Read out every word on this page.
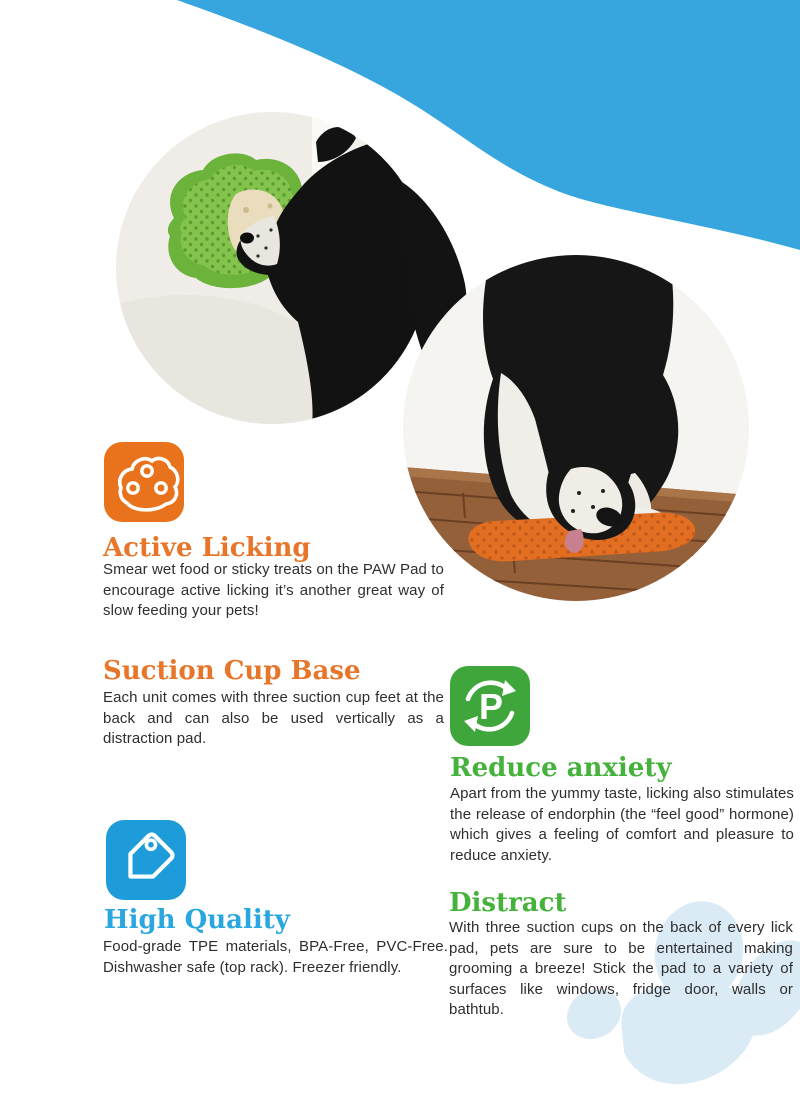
Active Licking

Smear wet food or sticky treats on the PAW Pad to encourage active licking it’s another great way of slow feeding your pets!

Suction Cup Base

Each unit comes with three suction cup feet at the back and can also be used vertically as a distraction pad.

P
Reduce anxiety

Apart from the yummy taste, licking also stimulates the release of endorphin (the “feel good” hormone) which gives a feeling of comfort and pleasure to reduce anxiety.

High Quality

Food-grade TPE materials, BPA-Free, PVC-Free. Dishwasher safe (top rack). Freezer friendly.

Distract

With three suction cups on the back of every lick pad, pets are sure to be entertained making grooming a breeze! Stick the pad to a variety of surfaces like windows, fridge door, walls or bathtub.
